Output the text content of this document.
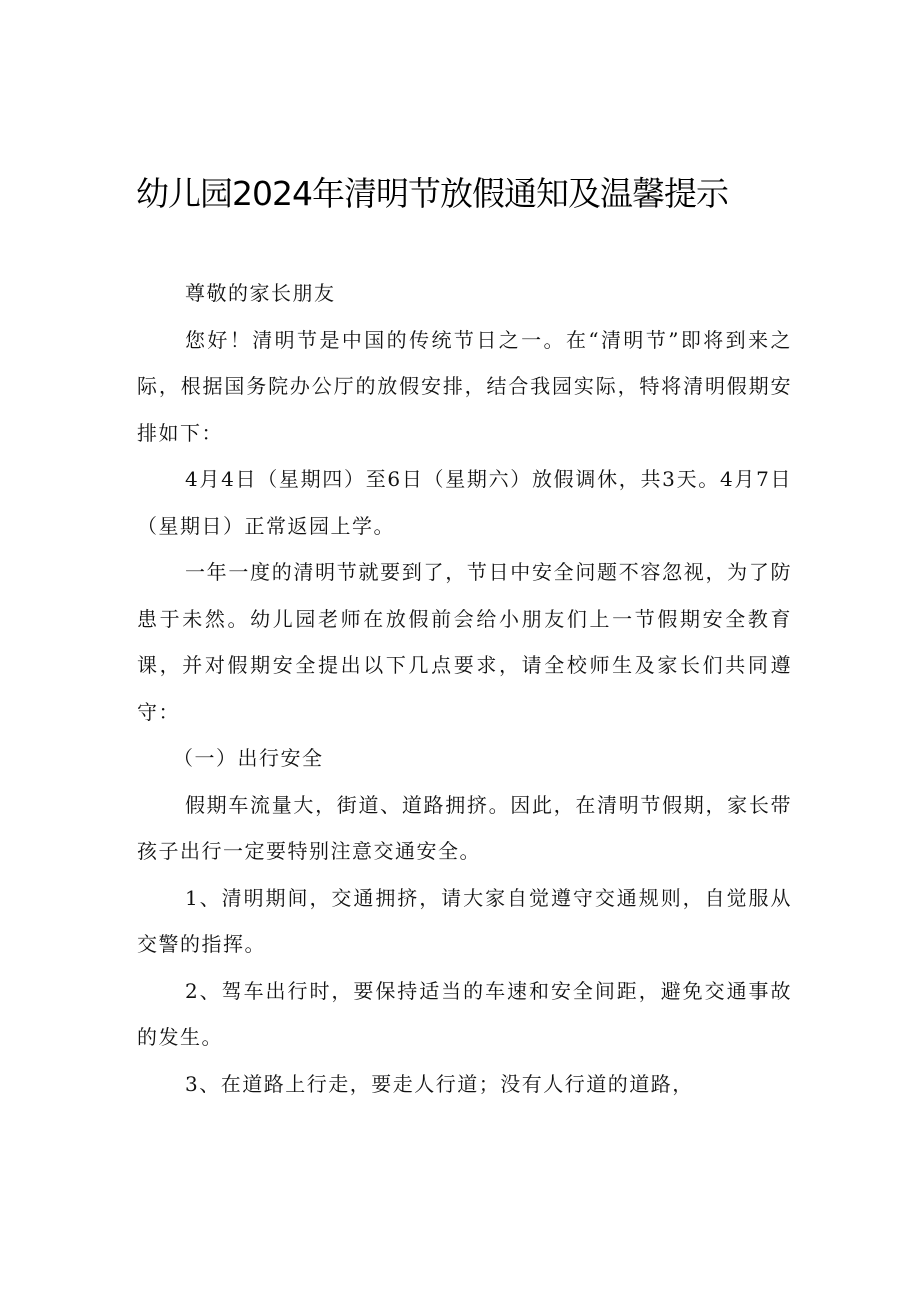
幼儿园2024年清明节放假通知及温馨提示

尊敬的家长朋友

您好！清明节是中国的传统节日之一。在“清明节”即将到来之际，根据国务院办公厅的放假安排，结合我园实际，特将清明假期安排如下：

4月4日（星期四）至6日（星期六）放假调休，共3天。4月7日（星期日）正常返园上学。

一年一度的清明节就要到了，节日中安全问题不容忽视，为了防患于未然。幼儿园老师在放假前会给小朋友们上一节假期安全教育课，并对假期安全提出以下几点要求，请全校师生及家长们共同遵守：

（一）出行安全

假期车流量大，街道、道路拥挤。因此，在清明节假期，家长带孩子出行一定要特别注意交通安全。

1、清明期间，交通拥挤，请大家自觉遵守交通规则，自觉服从交警的指挥。

2、驾车出行时，要保持适当的车速和安全间距，避免交通事故的发生。

3、在道路上行走，要走人行道；没有人行道的道路，
